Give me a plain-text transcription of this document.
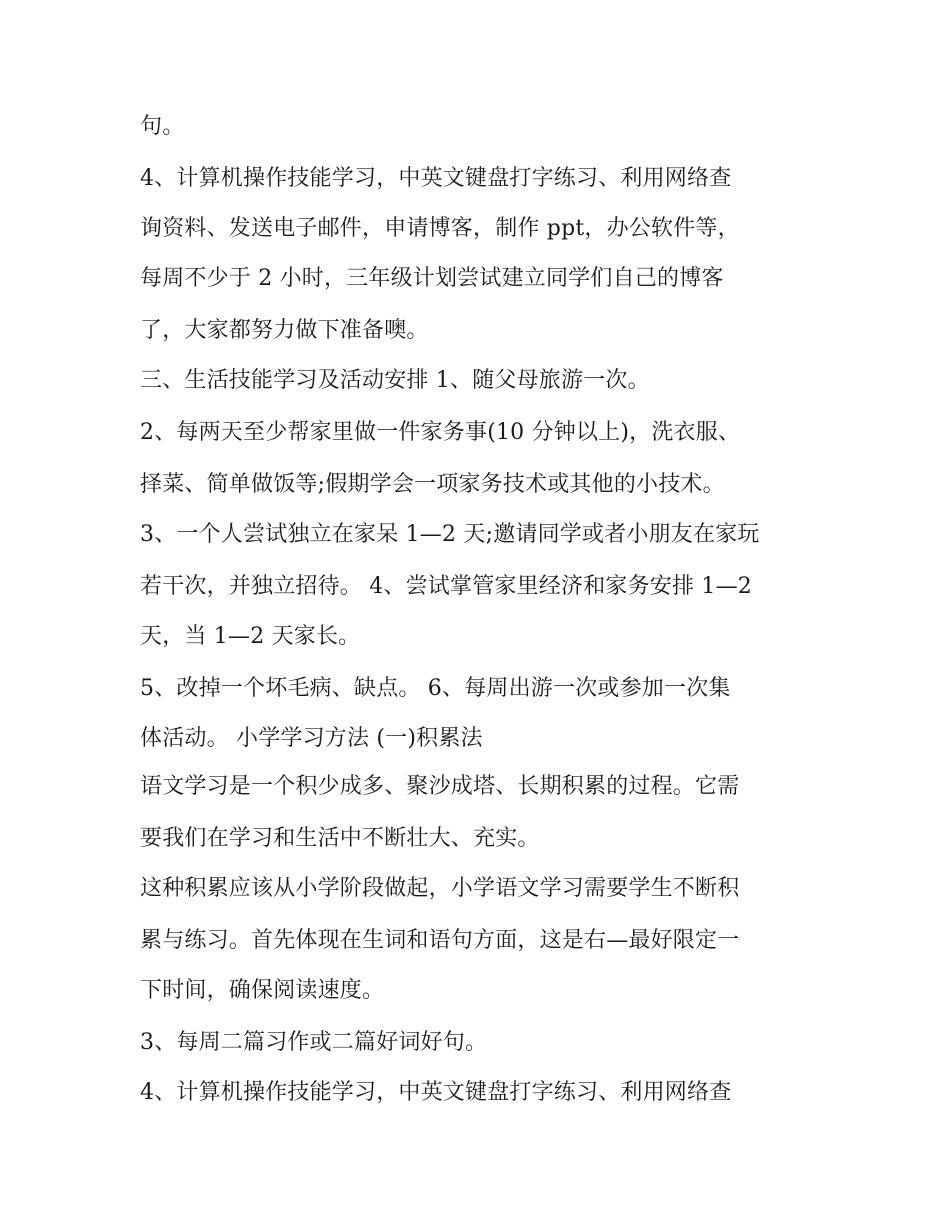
句。
4、计算机操作技能学习，中英文键盘打字练习、利用网络查
询资料、发送电子邮件，申请博客，制作 ppt，办公软件等，
每周不少于 2 小时，三年级计划尝试建立同学们自己的博客
了，大家都努力做下准备噢。
三、生活技能学习及活动安排 1、随父母旅游一次。
2、每两天至少帮家里做一件家务事(10 分钟以上)，洗衣服、
择菜、简单做饭等;假期学会一项家务技术或其他的小技术。
3、一个人尝试独立在家呆 1—2 天;邀请同学或者小朋友在家玩
若干次，并独立招待。 4、尝试掌管家里经济和家务安排 1—2
天，当 1—2 天家长。
5、改掉一个坏毛病、缺点。 6、每周出游一次或参加一次集
体活动。 小学学习方法 (一)积累法
语文学习是一个积少成多、聚沙成塔、长期积累的过程。它需
要我们在学习和生活中不断壮大、充实。
这种积累应该从小学阶段做起，小学语文学习需要学生不断积
累与练习。首先体现在生词和语句方面，这是右—最好限定一
下时间，确保阅读速度。
3、每周二篇习作或二篇好词好句。
4、计算机操作技能学习，中英文键盘打字练习、利用网络查
